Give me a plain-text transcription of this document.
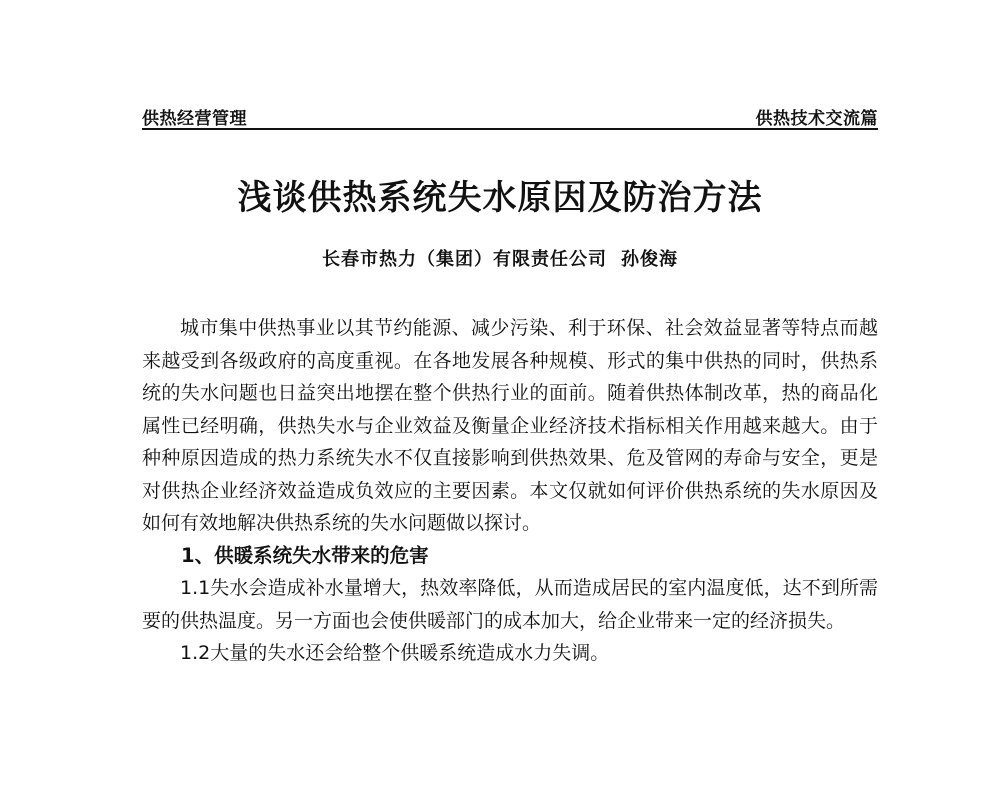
供热经营管理	供热技术交流篇
浅谈供热系统失水原因及防治方法
长春市热力（集团）有限责任公司 孙俊海

城市集中供热事业以其节约能源、减少污染、利于环保、社会效益显著等特点而越来越受到各级政府的高度重视。在各地发展各种规模、形式的集中供热的同时，供热系统的失水问题也日益突出地摆在整个供热行业的面前。随着供热体制改革，热的商品化属性已经明确，供热失水与企业效益及衡量企业经济技术指标相关作用越来越大。由于种种原因造成的热力系统失水不仅直接影响到供热效果、危及管网的寿命与安全，更是对供热企业经济效益造成负效应的主要因素。本文仅就如何评价供热系统的失水原因及如何有效地解决供热系统的失水问题做以探讨。

1、供暖系统失水带来的危害

1.1失水会造成补水量增大，热效率降低，从而造成居民的室内温度低，达不到所需要的供热温度。另一方面也会使供暖部门的成本加大，给企业带来一定的经济损失。

1.2大量的失水还会给整个供暖系统造成水力失调。
